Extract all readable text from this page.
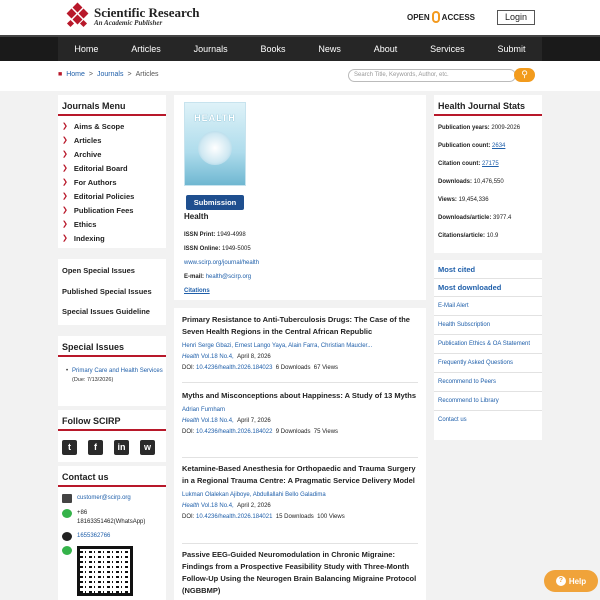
Scientific Research
An Academic Publisher
OPEN ACCESS	Login
Home	Articles	Journals	Books	News	About	Services	Submit
■ Home > Journals > Articles	Search Title, Keywords, Author, etc.	⚲
Journals Menu
❯ Aims & Scope
❯ Articles
❯ Archive
❯ Editorial Board
❯ For Authors
❯ Editorial Policies
❯ Publication Fees
❯ Ethics
❯ Indexing
Open Special Issues
Published Special Issues
Special Issues Guideline
Special Issues
• Primary Care and Health Services
(Due: 7/13/2026)
Follow SCIRP
t	f	in	w
Contact us
customer@scirp.org
+86
18163351462(WhatsApp)
1655362766
HEALTH
Submission
Health
ISSN Print: 1949-4998
ISSN Online: 1949-5005
www.scirp.org/journal/health
E-mail: health@scirp.org
Citations
Primary Resistance to Anti-Tuberculosis Drugs: The Case of the Seven Health Regions in the Central African Republic
Henri Serge Gbazi, Ernest Lango Yaya, Alain Farra, Christian Maucler...
Health Vol.18 No.4, April 8, 2026
DOI: 10.4236/health.2026.184023 6 Downloads 67 Views
Myths and Misconceptions about Happiness: A Study of 13 Myths
Adrian Furnham
Health Vol.18 No.4, April 7, 2026
DOI: 10.4236/health.2026.184022 9 Downloads 75 Views
Ketamine-Based Anesthesia for Orthopaedic and Trauma Surgery in a Regional Trauma Centre: A Pragmatic Service Delivery Model
Lukman Olalekan Ajiboye, Abdullallahi Bello Galadima
Health Vol.18 No.4, April 2, 2026
DOI: 10.4236/health.2026.184021 15 Downloads 100 Views
Passive EEG-Guided Neuromodulation in Chronic Migraine: Findings from a Prospective Feasibility Study with Three-Month Follow-Up Using the Neurogen Brain Balancing Migraine Protocol (NGBBMP)
Health Journal Stats
Publication years: 2009-2026
Publication count: 2634
Citation count: 27175
Downloads: 10,476,550
Views: 19,454,336
Downloads/article: 3977.4
Citations/article: 10.9
Most cited
Most downloaded
E-Mail Alert
Health Subscription
Publication Ethics & OA Statement
Frequently Asked Questions
Recommend to Peers
Recommend to Library
Contact us
? Help
